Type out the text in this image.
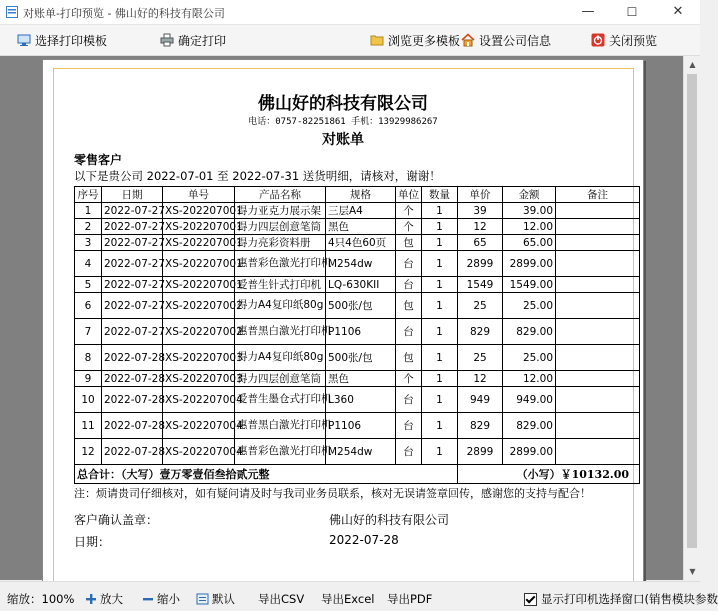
对账单-打印预览 - 佛山好的科技有限公司	—	☐	✕
选择打印模板	确定打印	浏览更多模板 设置公司信息	关闭预览
佛山好的科技有限公司
电话：0757-82251861 手机：13929986267
对账单
零售客户
以下是贵公司 2022-07-01 至 2022-07-31 送货明细，请核对，谢谢！
序号	日期	单号	产品名称	规格	单位	数量	单价	金额	备注
1	2022-07-27	XS-202207001	得力亚克力展示架	三层A4	个	1	39	39.00	
2	2022-07-27	XS-202207001	得力四层创意笔筒	黑色	个	1	12	12.00	
3	2022-07-27	XS-202207001	得力亮彩资料册	4只4色60页	包	1	65	65.00	
4	2022-07-27	XS-202207001	惠普彩色激光打印机	M254dw	台	1	2899	2899.00	
5	2022-07-27	XS-202207001	爱普生针式打印机	LQ-630KII	台	1	1549	1549.00	
6	2022-07-27	XS-202207002	得力A4复印纸80g	500张/包	包	1	25	25.00	
7	2022-07-27	XS-202207002	惠普黑白激光打印机	P1106	台	1	829	829.00	
8	2022-07-28	XS-202207003	得力A4复印纸80g	500张/包	包	1	25	25.00	
9	2022-07-28	XS-202207003	得力四层创意笔筒	黑色	个	1	12	12.00	
10	2022-07-28	XS-202207004	爱普生墨仓式打印机	L360	台	1	949	949.00	
11	2022-07-28	XS-202207004	惠普黑白激光打印机	P1106	台	1	829	829.00	
12	2022-07-28	XS-202207004	惠普彩色激光打印机	M254dw	台	1	2899	2899.00	
总合计：（大写）壹万零壹佰叁拾贰元整							（小写）￥10132.00		
注：烦请贵司仔细核对，如有疑问请及时与我司业务员联系，核对无误请签章回传，感谢您的支持与配合！
客户确认盖章：	佛山好的科技有限公司
日期：	2022-07-28
▲
▼
缩放：100% 放大	缩小	默认 导出CSV 导出Excel 导出PDF	显示打印机选择窗口(销售模块参数
